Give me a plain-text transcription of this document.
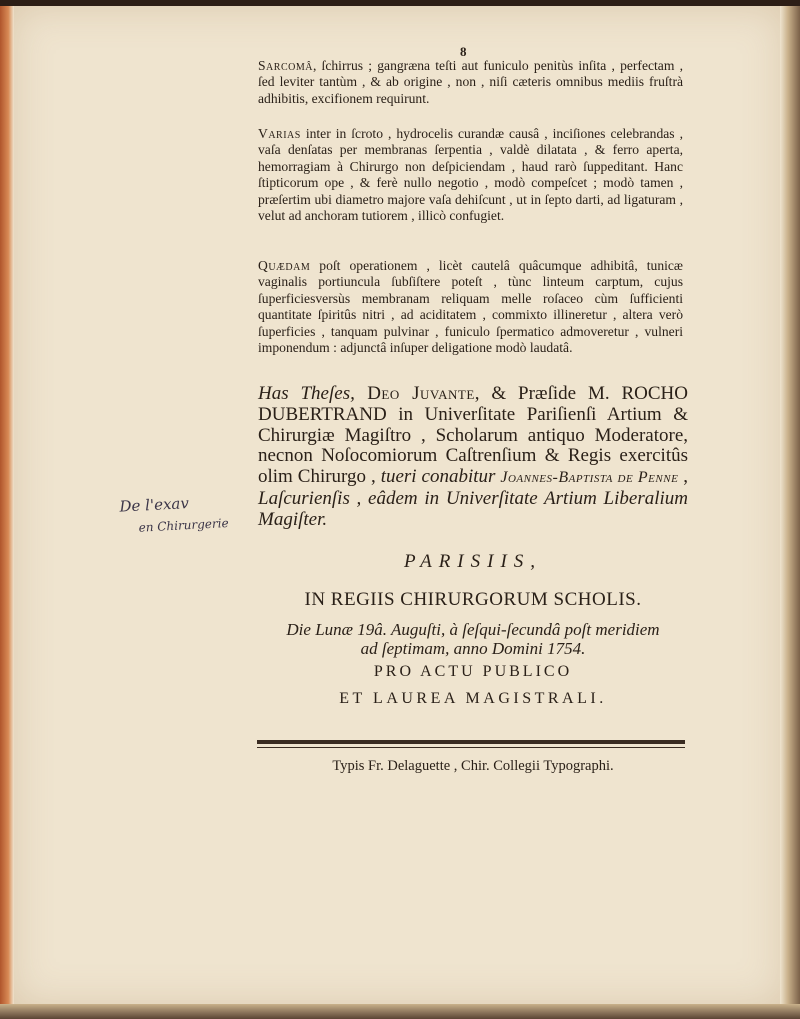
8
Sarcomâ, ſchirrus ; gangræna teſti aut funiculo penitùs inſita , perfectam , ſed leviter tantùm , & ab origine , non , niſi cæteris omnibus mediis fruſtrà adhibitis, excifionem requirunt.
Varias inter in ſcroto , hydrocelis curandæ causâ , inciſiones celebrandas , vaſa denſatas per membranas ſerpentia , valdè dilatata , & ferro aperta, hemorragiam à Chirurgo non deſpiciendam , haud rarò ſuppeditant. Hanc ſtipticorum ope , & ferè nullo negotio , modò compeſcet ; modò tamen , præſertim ubi diametro majore vaſa dehiſcunt , ut in ſepto darti, ad ligaturam , velut ad anchoram tutiorem , illicò confugiet.
Quædam poſt operationem , licèt cautelâ quâcumque adhibitâ, tunicæ vaginalis portiuncula ſubſiſtere poteſt , tùnc linteum carptum, cujus ſuperficiesversùs membranam reliquam melle roſaceo cùm ſufficienti quantitate ſpiritûs nitri , ad aciditatem , commixto illineretur , altera verò ſuperficies , tanquam pulvinar , funiculo ſpermatico admoveretur , vulneri imponendum : adjunctâ inſuper deligatione modò laudatâ.
Has Theſes, Deo Juvante, & Præſide M. ROCHO DUBERTRAND in Univerſitate Pariſienſi Artium & Chirurgiæ Magiſtro , Scholarum antiquo Moderatore, necnon Noſocomiorum Caſtrenſium & Regis exercitûs olim Chirurgo , tueri conabitur Joannes-Baptista de Penne , Laſcurienſis , eâdem in Univerſitate Artium Liberalium Magiſter.
De l'exav
en Chirurgerie
PARISIIS,
IN REGIIS CHIRURGORUM SCHOLIS.
Die Lunæ 19â. Auguſti, à ſeſqui-ſecundâ poſt meridiem
ad ſeptimam, anno Domini 1754.
PRO ACTU PUBLICO
ET LAUREA MAGISTRALI.
Typis Fr. Delaguette , Chir. Collegii Typographi.
